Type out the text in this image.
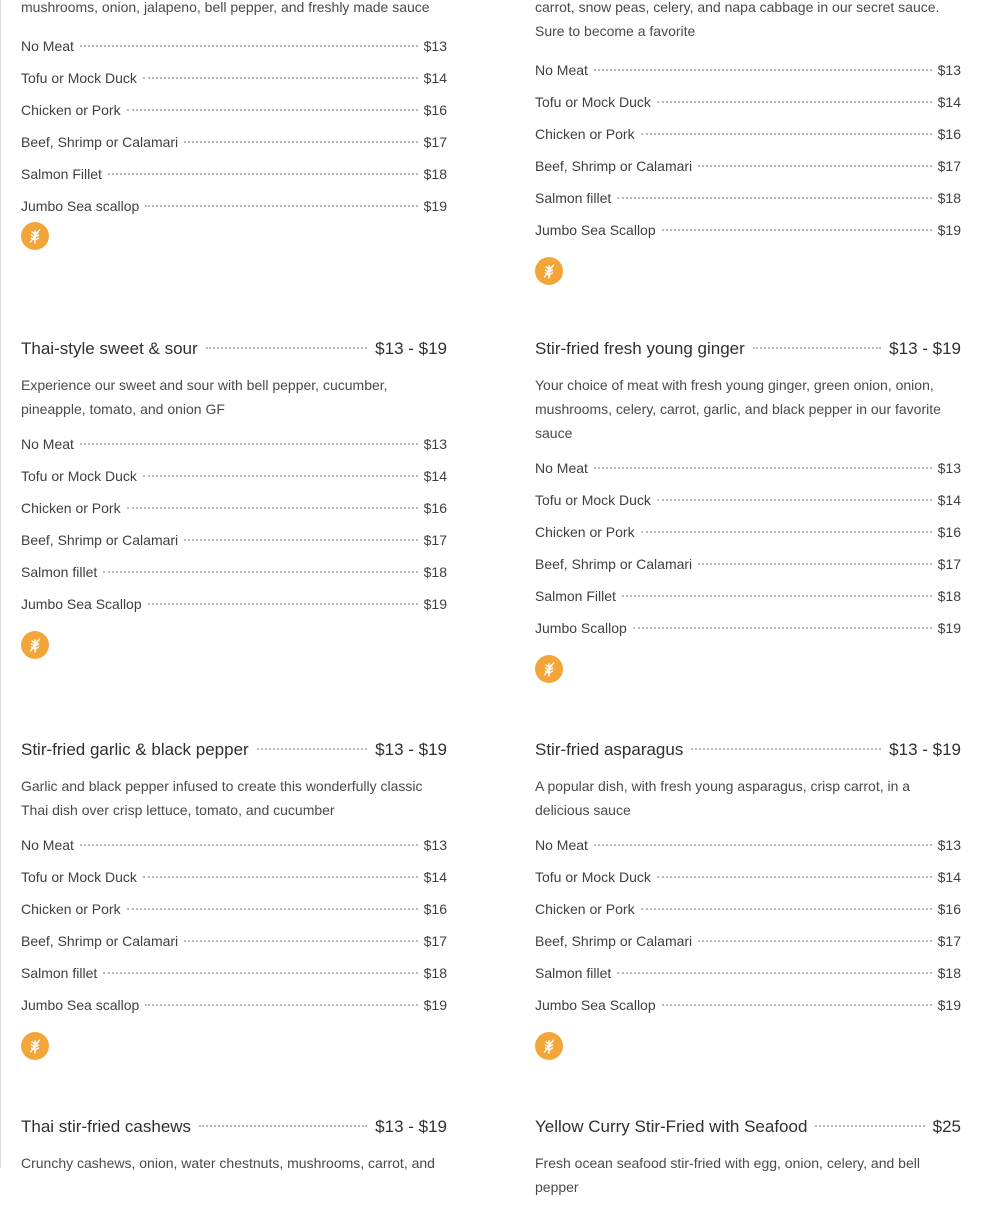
mushrooms, onion, jalapeno, bell pepper, and freshly made sauce

No Meat	$13
Tofu or Mock Duck	$14
Chicken or Pork	$16
Beef, Shrimp or Calamari	$17
Salmon Fillet	$18
Jumbo Sea scallop	$19
Thai-style sweet & sour	$13 - $19

Experience our sweet and sour with bell pepper, cucumber, pineapple, tomato, and onion GF

No Meat	$13
Tofu or Mock Duck	$14
Chicken or Pork	$16
Beef, Shrimp or Calamari	$17
Salmon fillet	$18
Jumbo Sea Scallop	$19
Stir-fried garlic & black pepper	$13 - $19

Garlic and black pepper infused to create this wonderfully classic Thai dish over crisp lettuce, tomato, and cucumber

No Meat	$13
Tofu or Mock Duck	$14
Chicken or Pork	$16
Beef, Shrimp or Calamari	$17
Salmon fillet	$18
Jumbo Sea scallop	$19
Thai stir-fried cashews	$13 - $19

Crunchy cashews, onion, water chestnuts, mushrooms, carrot, and

carrot, snow peas, celery, and napa cabbage in our secret sauce. Sure to become a favorite

No Meat	$13
Tofu or Mock Duck	$14
Chicken or Pork	$16
Beef, Shrimp or Calamari	$17
Salmon fillet	$18
Jumbo Sea Scallop	$19
Stir-fried fresh young ginger	$13 - $19

Your choice of meat with fresh young ginger, green onion, onion, mushrooms, celery, carrot, garlic, and black pepper in our favorite sauce

No Meat	$13
Tofu or Mock Duck	$14
Chicken or Pork	$16
Beef, Shrimp or Calamari	$17
Salmon Fillet	$18
Jumbo Scallop	$19
Stir-fried asparagus	$13 - $19

A popular dish, with fresh young asparagus, crisp carrot, in a delicious sauce

No Meat	$13
Tofu or Mock Duck	$14
Chicken or Pork	$16
Beef, Shrimp or Calamari	$17
Salmon fillet	$18
Jumbo Sea Scallop	$19
Yellow Curry Stir-Fried with Seafood	$25

Fresh ocean seafood stir-fried with egg, onion, celery, and bell pepper
